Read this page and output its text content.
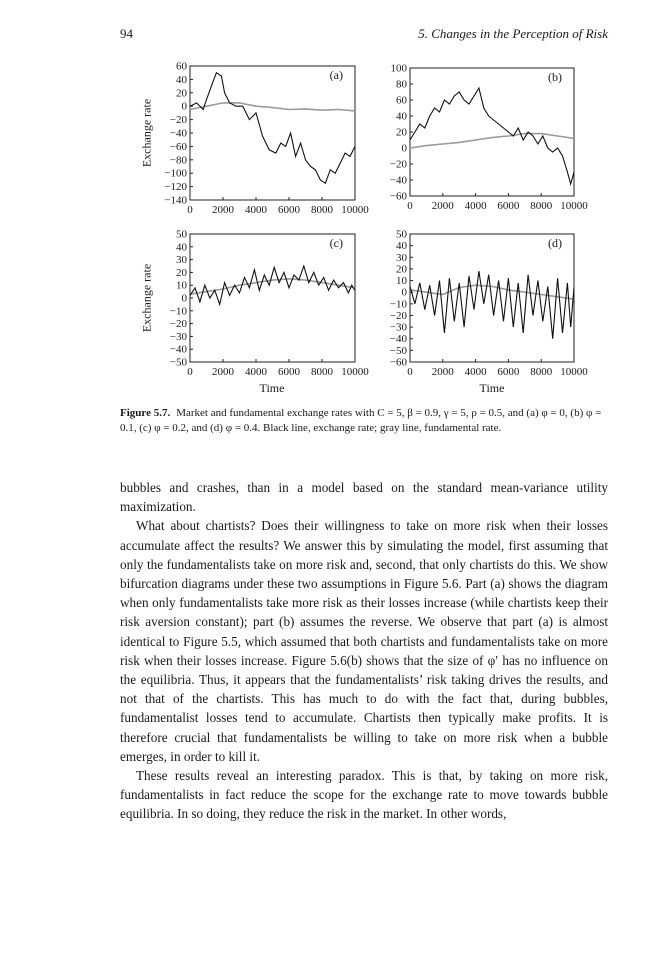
94	5. Changes in the Perception of Risk
Exchange rate
Exchange rate
60
40
20
0
−20
−40
−60
−80
−100
−120
−140
0 2000 4000 6000 8000 10000
(a)	100
80
60
40
20
0
−20
−40
−60
0 2000 4000 6000 8000 10000
(b)
50
40
30
20
10
0
−10
−20
−30
−40
−50
0 2000 4000 6000 8000 10000
(c)
50
40
30
20
10
0
−10
−20
−30
−40
−50
−60
0 2000 4000 6000 8000 10000
(d)
Time	Time
Figure 5.7. Market and fundamental exchange rates with C = 5, β = 0.9, γ = 5, ρ = 0.5, and (a) φ = 0, (b) φ = 0.1, (c) φ = 0.2, and (d) φ = 0.4. Black line, exchange rate; gray line, fundamental rate.

bubbles and crashes, than in a model based on the standard mean-variance utility maximization.

What about chartists? Does their willingness to take on more risk when their losses accumulate affect the results? We answer this by simulating the model, first assuming that only the fundamentalists take on more risk and, second, that only chartists do this. We show bifurcation diagrams under these two assumptions in Figure 5.6. Part (a) shows the diagram when only fundamentalists take more risk as their losses increase (while chartists keep their risk aversion constant); part (b) assumes the reverse. We observe that part (a) is almost identical to Figure 5.5, which assumed that both chartists and fundamentalists take on more risk when their losses increase. Figure 5.6(b) shows that the size of φ′ has no influence on the equilibria. Thus, it appears that the fundamentalists’ risk taking drives the results, and not that of the chartists. This has much to do with the fact that, during bubbles, fundamentalist losses tend to accumulate. Chartists then typically make profits. It is therefore crucial that fundamentalists be willing to take on more risk when a bubble emerges, in order to kill it.

These results reveal an interesting paradox. This is that, by taking on more risk, fundamentalists in fact reduce the scope for the exchange rate to move towards bubble equilibria. In so doing, they reduce the risk in the market. In other words,
